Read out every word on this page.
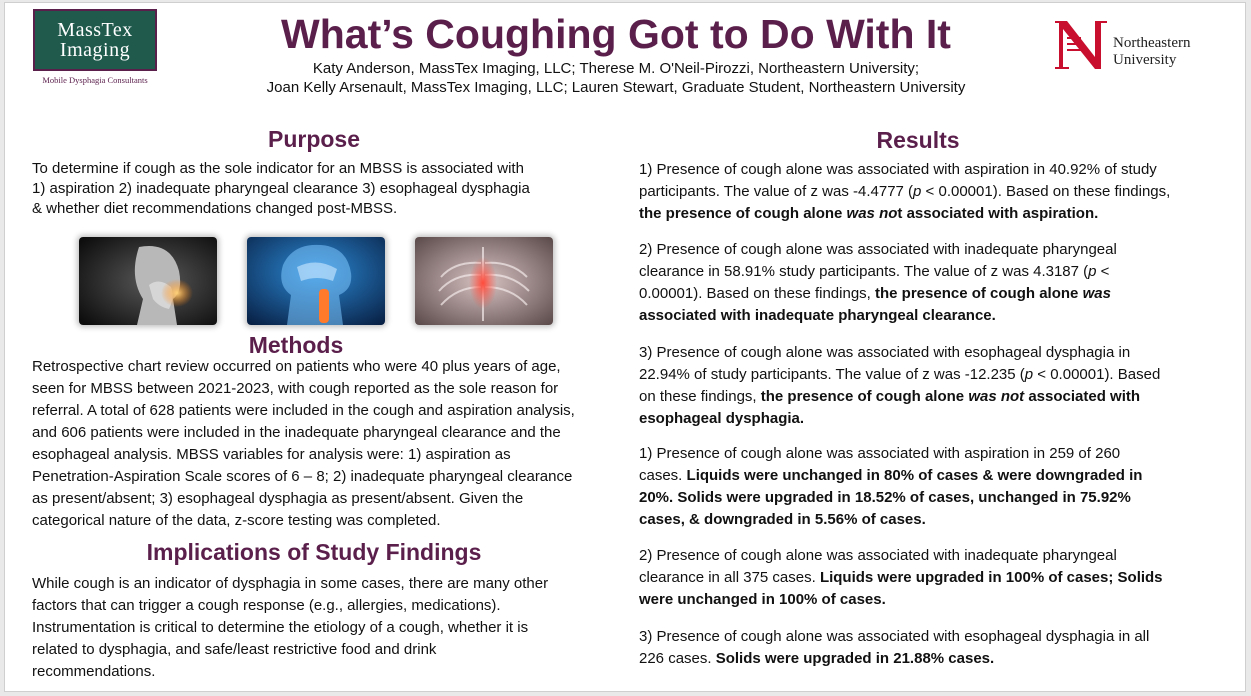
MassTex
Imaging
Mobile Dysphagia Consultants
What’s Coughing Got to Do With It
Katy Anderson, MassTex Imaging, LLC; Therese M. O'Neil-Pirozzi, Northeastern University;
Joan Kelly Arsenault, MassTex Imaging, LLC; Lauren Stewart, Graduate Student, Northeastern University
Northeastern
University
Purpose
To determine if cough as the sole indicator for an MBSS is associated with
1) aspiration 2) inadequate pharyngeal clearance 3) esophageal dysphagia
& whether diet recommendations changed post-MBSS.
Methods
Retrospective chart review occurred on patients who were 40 plus years of age,
seen for MBSS between 2021-2023, with cough reported as the sole reason for
referral. A total of 628 patients were included in the cough and aspiration analysis,
and 606 patients were included in the inadequate pharyngeal clearance and the
esophageal analysis. MBSS variables for analysis were: 1) aspiration as
Penetration-Aspiration Scale scores of 6 – 8; 2) inadequate pharyngeal clearance
as present/absent; 3) esophageal dysphagia as present/absent. Given the
categorical nature of the data, z-score testing was completed.
Implications of Study Findings
While cough is an indicator of dysphagia in some cases, there are many other
factors that can trigger a cough response (e.g., allergies, medications).
Instrumentation is critical to determine the etiology of a cough, whether it is
related to dysphagia, and safe/least restrictive food and drink
recommendations.
Results
1) Presence of cough alone was associated with aspiration in 40.92% of study
participants. The value of z was -4.4777 (p < 0.00001). Based on these findings,
the presence of cough alone was not associated with aspiration.
2) Presence of cough alone was associated with inadequate pharyngeal
clearance in 58.91% study participants. The value of z was 4.3187 (p <
0.00001). Based on these findings, the presence of cough alone was
associated with inadequate pharyngeal clearance.
3) Presence of cough alone was associated with esophageal dysphagia in
22.94% of study participants. The value of z was -12.235 (p < 0.00001). Based
on these findings, the presence of cough alone was not associated with
esophageal dysphagia.
1) Presence of cough alone was associated with aspiration in 259 of 260
cases. Liquids were unchanged in 80% of cases & were downgraded in
20%. Solids were upgraded in 18.52% of cases, unchanged in 75.92%
cases, & downgraded in 5.56% of cases.
2) Presence of cough alone was associated with inadequate pharyngeal
clearance in all 375 cases. Liquids were upgraded in 100% of cases; Solids
were unchanged in 100% of cases.
3) Presence of cough alone was associated with esophageal dysphagia in all
226 cases. Solids were upgraded in 21.88% cases.
